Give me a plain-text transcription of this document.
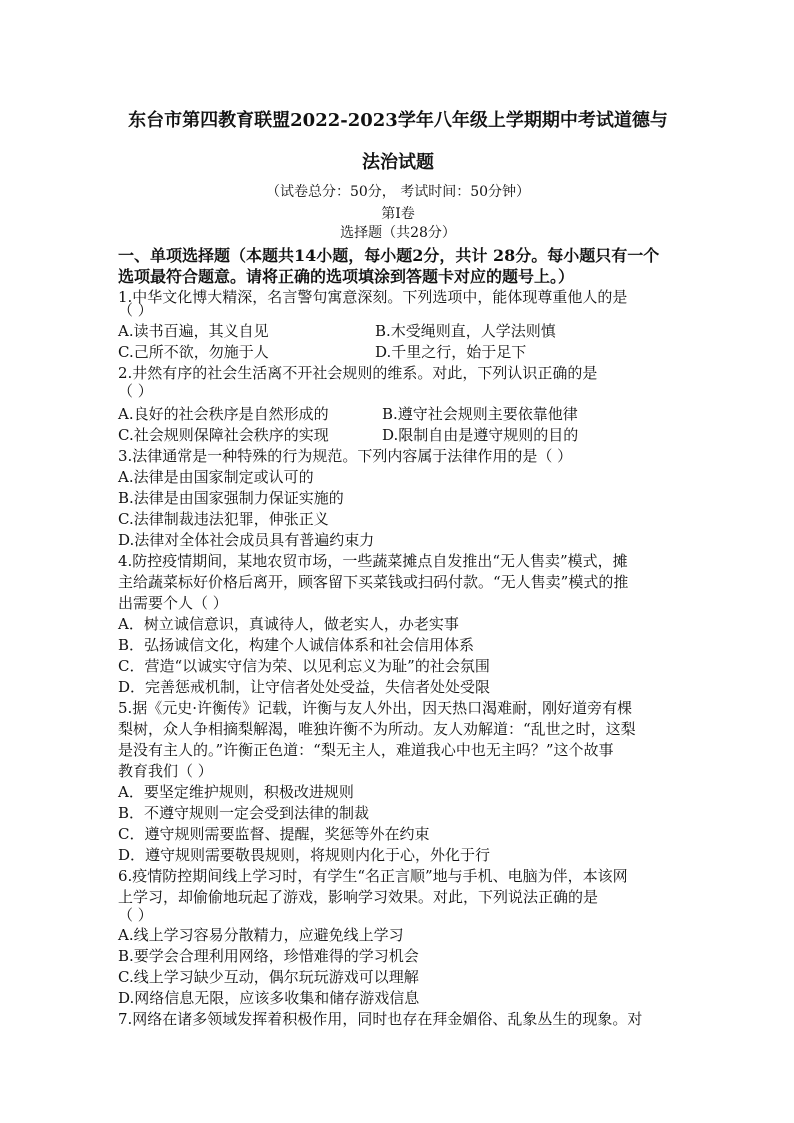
东台市第四教育联盟2022-2023学年八年级上学期期中考试道德与
法治试题
（试卷总分：50分， 考试时间：50分钟）
第Ⅰ卷
选择题（共28分）
一、单项选择题（本题共14小题，每小题2分，共计 28分。每小题只有一个
选项最符合题意。请将正确的选项填涂到答题卡对应的题号上。）
1.中华文化博大精深，名言警句寓意深刻。下列选项中，能体现尊重他人的是
（ ）
A.读书百遍，其义自见	B.木受绳则直，人学法则慎
C.己所不欲，勿施于人	D.千里之行，始于足下
2.井然有序的社会生活离不开社会规则的维系。对此，下列认识正确的是
（ ）
A.良好的社会秩序是自然形成的	B.遵守社会规则主要依靠他律
C.社会规则保障社会秩序的实现	D.限制自由是遵守规则的目的
3.法律通常是一种特殊的行为规范。下列内容属于法律作用的是（ ）
A.法律是由国家制定或认可的
B.法律是由国家强制力保证实施的
C.法律制裁违法犯罪，伸张正义
D.法律对全体社会成员具有普遍约束力
4.防控疫情期间，某地农贸市场，一些蔬菜摊点自发推出“无人售卖”模式，摊
主给蔬菜标好价格后离开，顾客留下买菜钱或扫码付款。“无人售卖”模式的推
出需要个人（ ）
A．树立诚信意识，真诚待人，做老实人，办老实事
B．弘扬诚信文化，构建个人诚信体系和社会信用体系
C．营造“以诚实守信为荣、以见利忘义为耻”的社会氛围
D．完善惩戒机制，让守信者处处受益，失信者处处受限
5.据《元史·许衡传》记载，许衡与友人外出，因天热口渴难耐，刚好道旁有棵
梨树，众人争相摘梨解渴，唯独许衡不为所动。友人劝解道：“乱世之时，这梨
是没有主人的。”许衡正色道：“梨无主人，难道我心中也无主吗？”这个故事
教育我们（ ）
A．要坚定维护规则，积极改进规则
B．不遵守规则一定会受到法律的制裁
C．遵守规则需要监督、提醒，奖惩等外在约束
D．遵守规则需要敬畏规则，将规则内化于心，外化于行
6.疫情防控期间线上学习时，有学生“名正言顺”地与手机、电脑为伴，本该网
上学习，却偷偷地玩起了游戏，影响学习效果。对此，下列说法正确的是
（ ）
A.线上学习容易分散精力，应避免线上学习
B.要学会合理利用网络，珍惜难得的学习机会
C.线上学习缺少互动，偶尔玩玩游戏可以理解
D.网络信息无限，应该多收集和储存游戏信息
7.网络在诸多领域发挥着积极作用，同时也存在拜金媚俗、乱象丛生的现象。对
